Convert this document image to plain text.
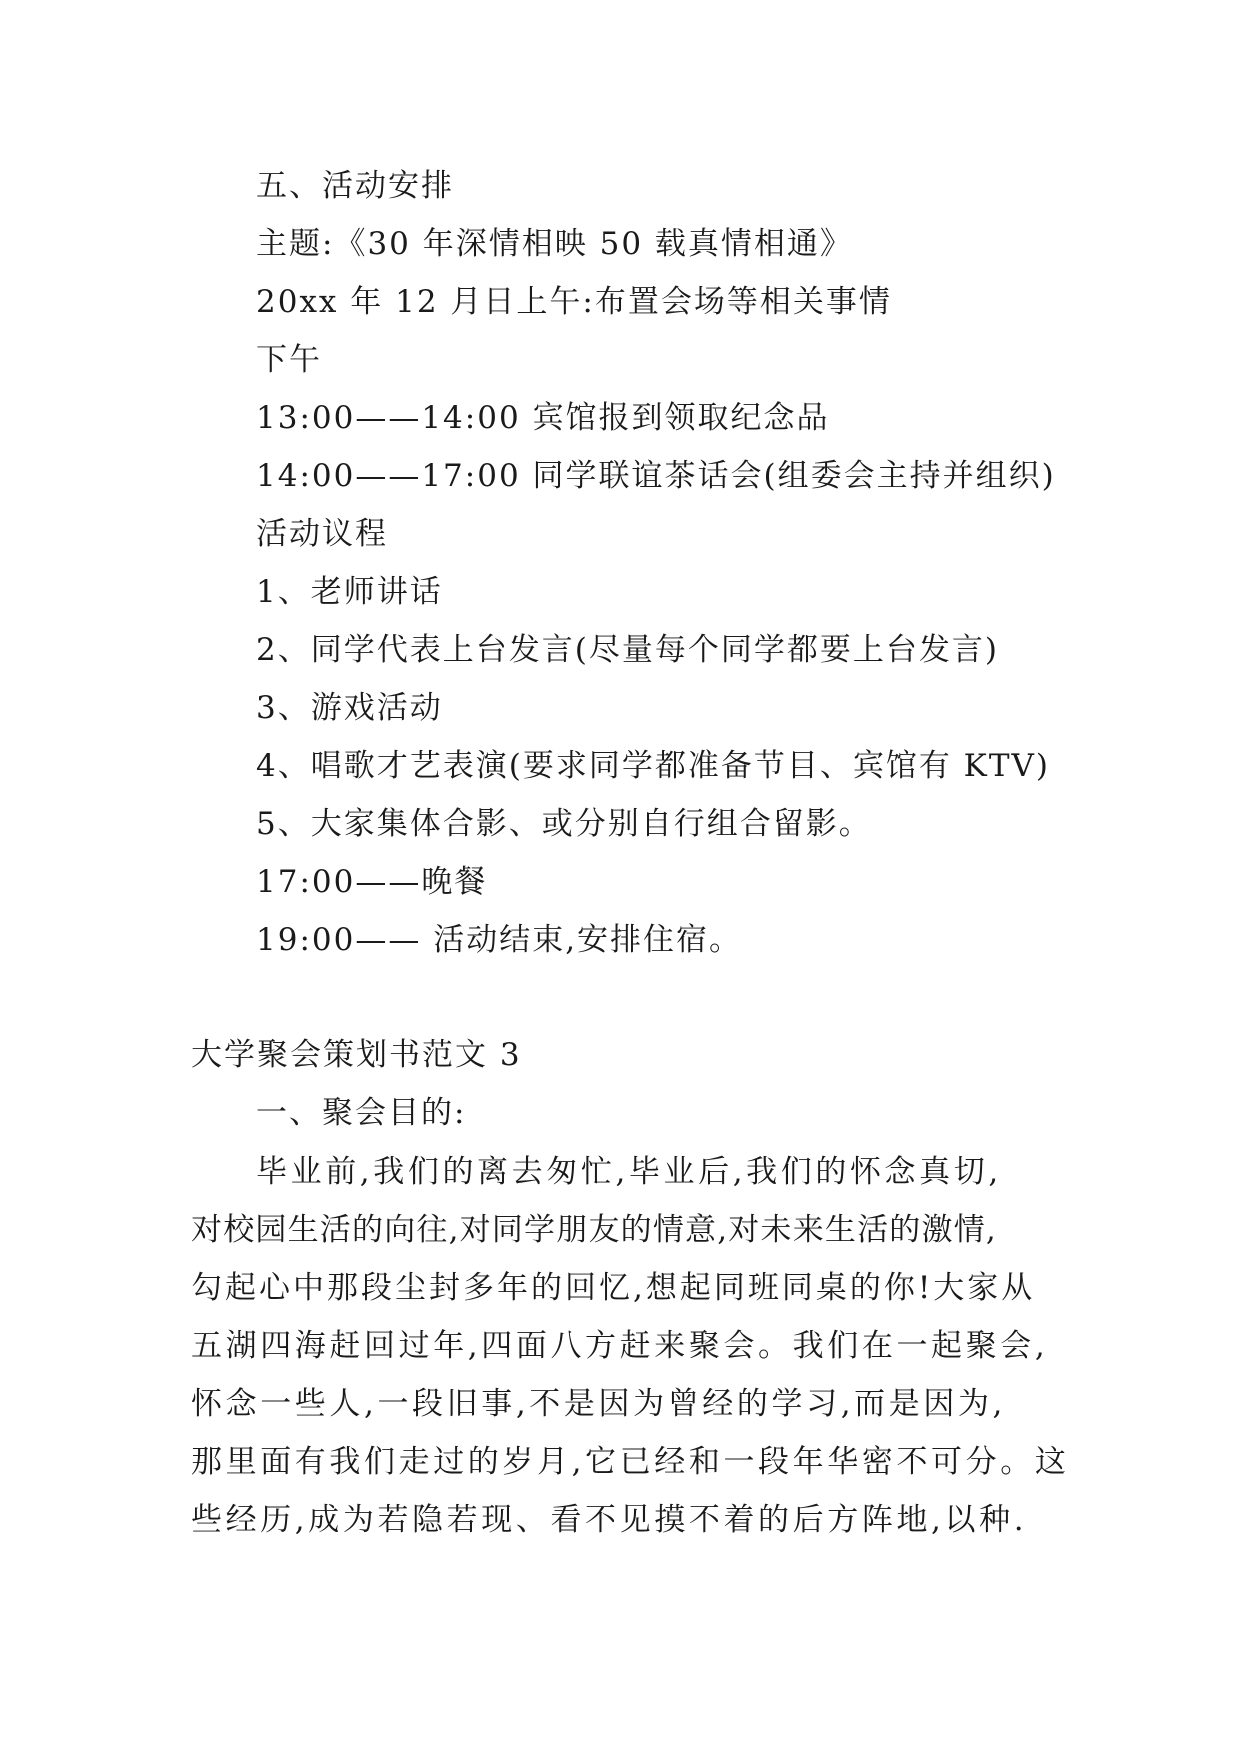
五、活动安排
主题:《30 年深情相映 50 载真情相通》
20xx 年 12 月日上午:布置会场等相关事情
下午
13:00——14:00 宾馆报到领取纪念品
14:00——17:00 同学联谊茶话会(组委会主持并组织)
活动议程
1、老师讲话
2、同学代表上台发言(尽量每个同学都要上台发言)
3、游戏活动
4、唱歌才艺表演(要求同学都准备节目、宾馆有 KTV)
5、大家集体合影、或分别自行组合留影。
17:00——晚餐
19:00—— 活动结束,安排住宿。
大学聚会策划书范文 3
一、聚会目的:
毕业前,我们的离去匆忙,毕业后,我们的怀念真切,
对校园生活的向往,对同学朋友的情意,对未来生活的激情,
勾起心中那段尘封多年的回忆,想起同班同桌的你!大家从
五湖四海赶回过年,四面八方赶来聚会。我们在一起聚会,
怀念一些人,一段旧事,不是因为曾经的学习,而是因为,
那里面有我们走过的岁月,它已经和一段年华密不可分。这
些经历,成为若隐若现、看不见摸不着的后方阵地,以种.
